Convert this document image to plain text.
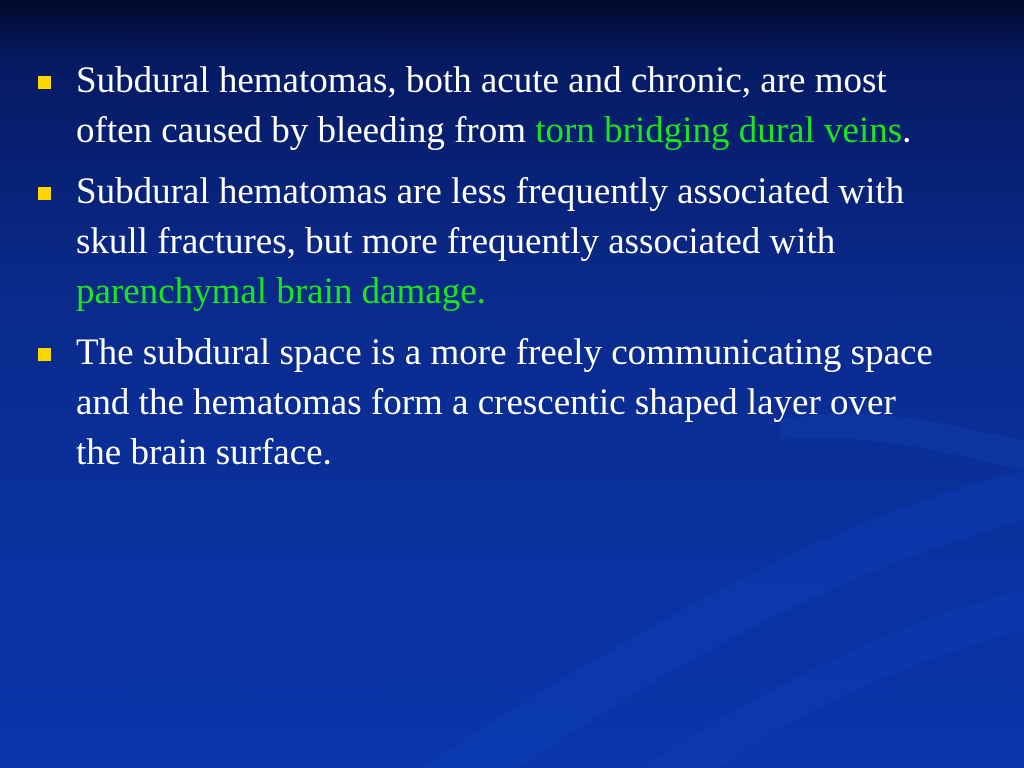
Subdural hematomas, both acute and chronic, are most often caused by bleeding from torn bridging dural veins.
Subdural hematomas are less frequently associated with skull fractures, but more frequently associated with parenchymal brain damage.
The subdural space is a more freely communicating space and the hematomas form a crescentic shaped layer over the brain surface.
